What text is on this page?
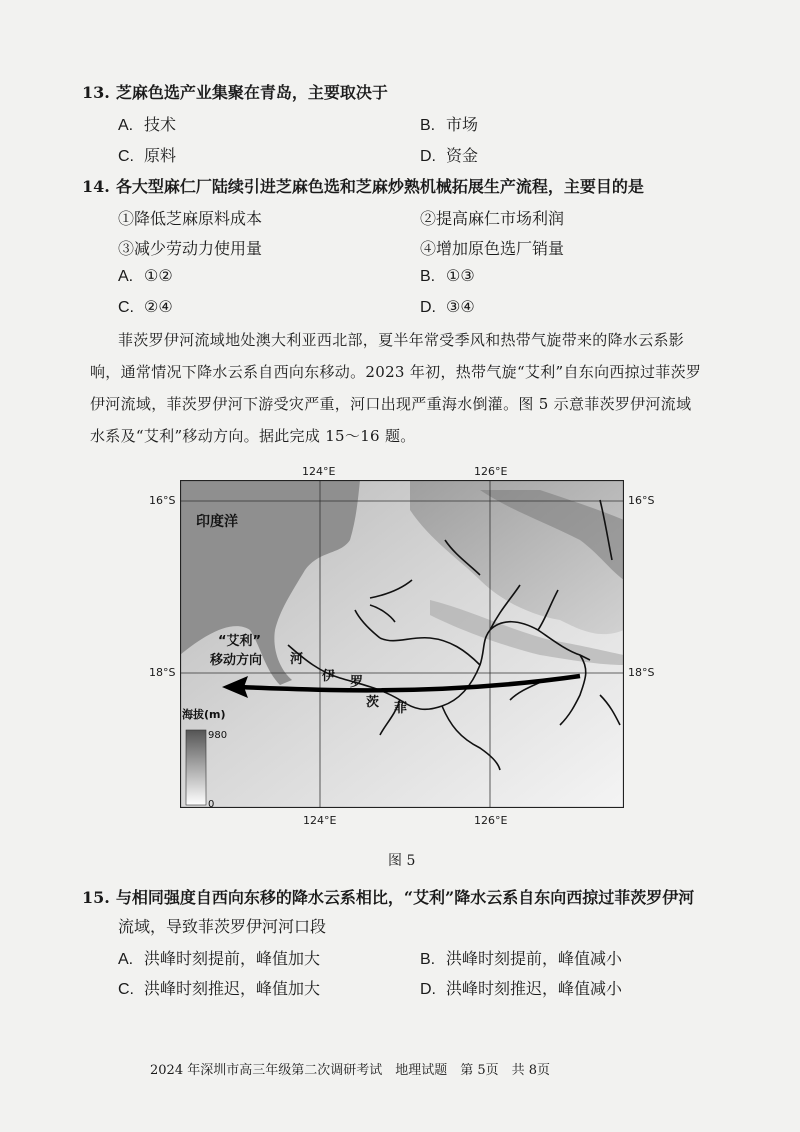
13. 芝麻色选产业集聚在青岛，主要取决于
A. 技术	B. 市场
C. 原料	D. 资金
14. 各大型麻仁厂陆续引进芝麻色选和芝麻炒熟机械拓展生产流程，主要目的是
①降低芝麻原料成本	②提高麻仁市场利润
③减少劳动力使用量	④增加原色选厂销量
A. ①②	B. ①③
C. ②④	D. ③④
菲茨罗伊河流域地处澳大利亚西北部，夏半年常受季风和热带气旋带来的降水云系影
响，通常情况下降水云系自西向东移动。2023 年初，热带气旋“艾利”自东向西掠过菲茨罗
伊河流域，菲茨罗伊河下游受灾严重，河口出现严重海水倒灌。图 5 示意菲茨罗伊河流域
水系及“艾利”移动方向。据此完成 15～16 题。
印度洋
“艾利”
移动方向 河
伊 罗
茨 菲
海拔(m)
980
0
124°E	126°E
124°E	126°E
16°S
18°S
16°S
18°S
图 5
15. 与相同强度自西向东移的降水云系相比，“艾利”降水云系自东向西掠过菲茨罗伊河
流域，导致菲茨罗伊河河口段
A. 洪峰时刻提前，峰值加大	B. 洪峰时刻提前，峰值减小
C. 洪峰时刻推迟，峰值加大	D. 洪峰时刻推迟，峰值减小
2024 年深圳市高三年级第二次调研考试　地理试题　第 5页　共 8页
